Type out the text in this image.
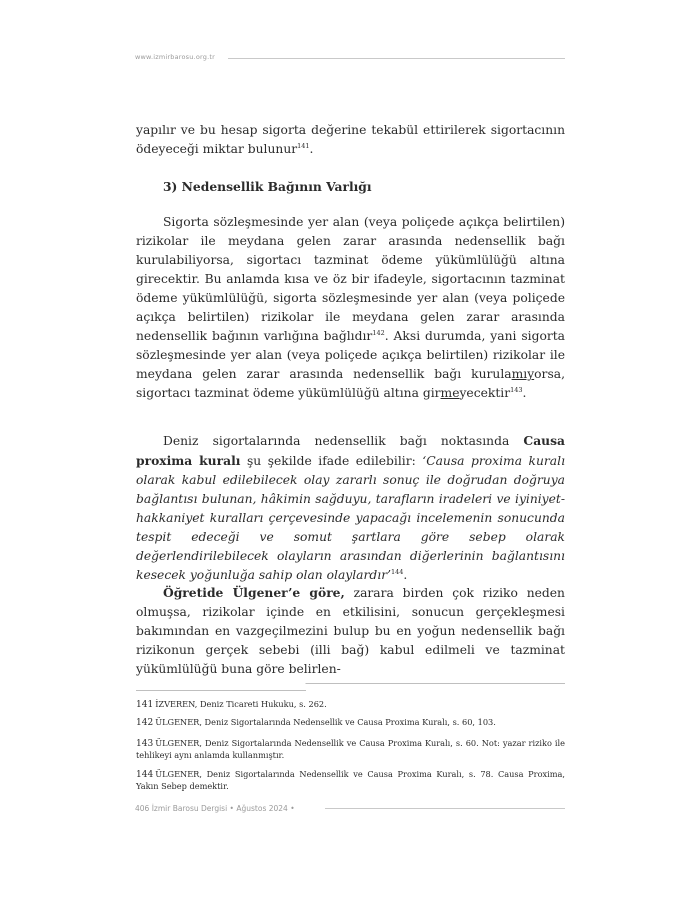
www.izmirbarosu.org.tr

yapılır ve bu hesap sigorta değerine tekabül ettirilerek sigortacının ödeyeceği miktar bulunur$^{141}$.

3) Nedensellik Bağının Varlığı

Sigorta sözleşmesinde yer alan (veya poliçede açıkça belirtilen) rizikolar ile meydana gelen zarar arasında nedensellik bağı kurulabiliyorsa, sigortacı tazminat ödeme yükümlülüğü altına girecektir. Bu anlamda kısa ve öz bir ifadeyle, sigortacının tazminat ödeme yükümlülüğü, sigorta sözleşmesinde yer alan (veya poliçede açıkça belirtilen) rizikolar ile meydana gelen zarar arasında nedensellik bağının varlığına bağlıdır$^{142}$. Aksi durumda, yani sigorta sözleşmesinde yer alan (veya poliçede açıkça belirtilen) rizikolar ile meydana gelen zarar arasında nedensellik bağı kurulamıyorsa, sigortacı tazminat ödeme yükümlülüğü altına girmeyecektir$^{143}$.

Deniz sigortalarında nedensellik bağı noktasında Causa proxima kuralı şu şekilde ifade edilebilir: ‘Causa proxima kuralı olarak kabul edilebilecek olay zararlı sonuç ile doğrudan doğruya bağlantısı bulunan, hâkimin sağduyu, tarafların iradeleri ve iyiniyet-hakkaniyet kuralları çerçevesinde yapacağı incelemenin sonucunda tespit edeceği ve somut şartlara göre sebep olarak değerlendirilebilecek olayların arasından diğerlerinin bağlantısını kesecek yoğunluğa sahip olan olaylardır’$^{144}$.

Öğretide Ülgener’e göre, zarara birden çok riziko neden olmuşsa, rizikolar içinde en etkilisini, sonucun gerçekleşmesi bakımından en vazgeçilmezini bulup bu en yoğun nedensellik bağı rizikonun gerçek sebebi (illi bağ) kabul edilmeli ve tazminat yükümlülüğü buna göre belirlen-

141 İZVEREN, Deniz Ticareti Hukuku, s. 262.
142 ÜLGENER, Deniz Sigortalarında Nedensellik ve Causa Proxima Kuralı, s. 60, 103.
143 ÜLGENER, Deniz Sigortalarında Nedensellik ve Causa Proxima Kuralı, s. 60. Not: yazar riziko ile tehlikeyi aynı anlamda kullanmıştır.
144 ÜLGENER, Deniz Sigortalarında Nedensellik ve Causa Proxima Kuralı, s. 78. Causa Proxima, Yakın Sebep demektir.
406 İzmir Barosu Dergisi • Ağustos 2024 •
